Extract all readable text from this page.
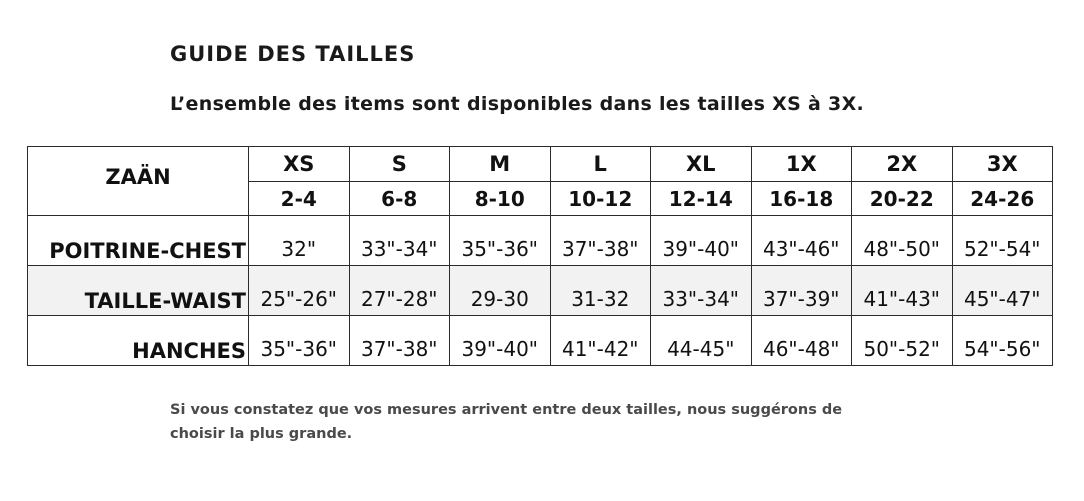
GUIDE DES TAILLES
L’ensemble des items sont disponibles dans les tailles XS à 3X.
ZAÄN	XS	S	M	L	XL	1X	2X	3X
	2-4	6-8	8-10	10-12	12-14	16-18	20-22	24-26
POITRINE-CHEST	32"	33"-34"	35"-36"	37"-38"	39"-40"	43"-46"	48"-50"	52"-54"
TAILLE-WAIST	25"-26"	27"-28"	29-30	31-32	33"-34"	37"-39"	41"-43"	45"-47"
HANCHES	35"-36"	37"-38"	39"-40"	41"-42"	44-45"	46"-48"	50"-52"	54"-56"
Si vous constatez que vos mesures arrivent entre deux tailles, nous suggérons de choisir la plus grande.
